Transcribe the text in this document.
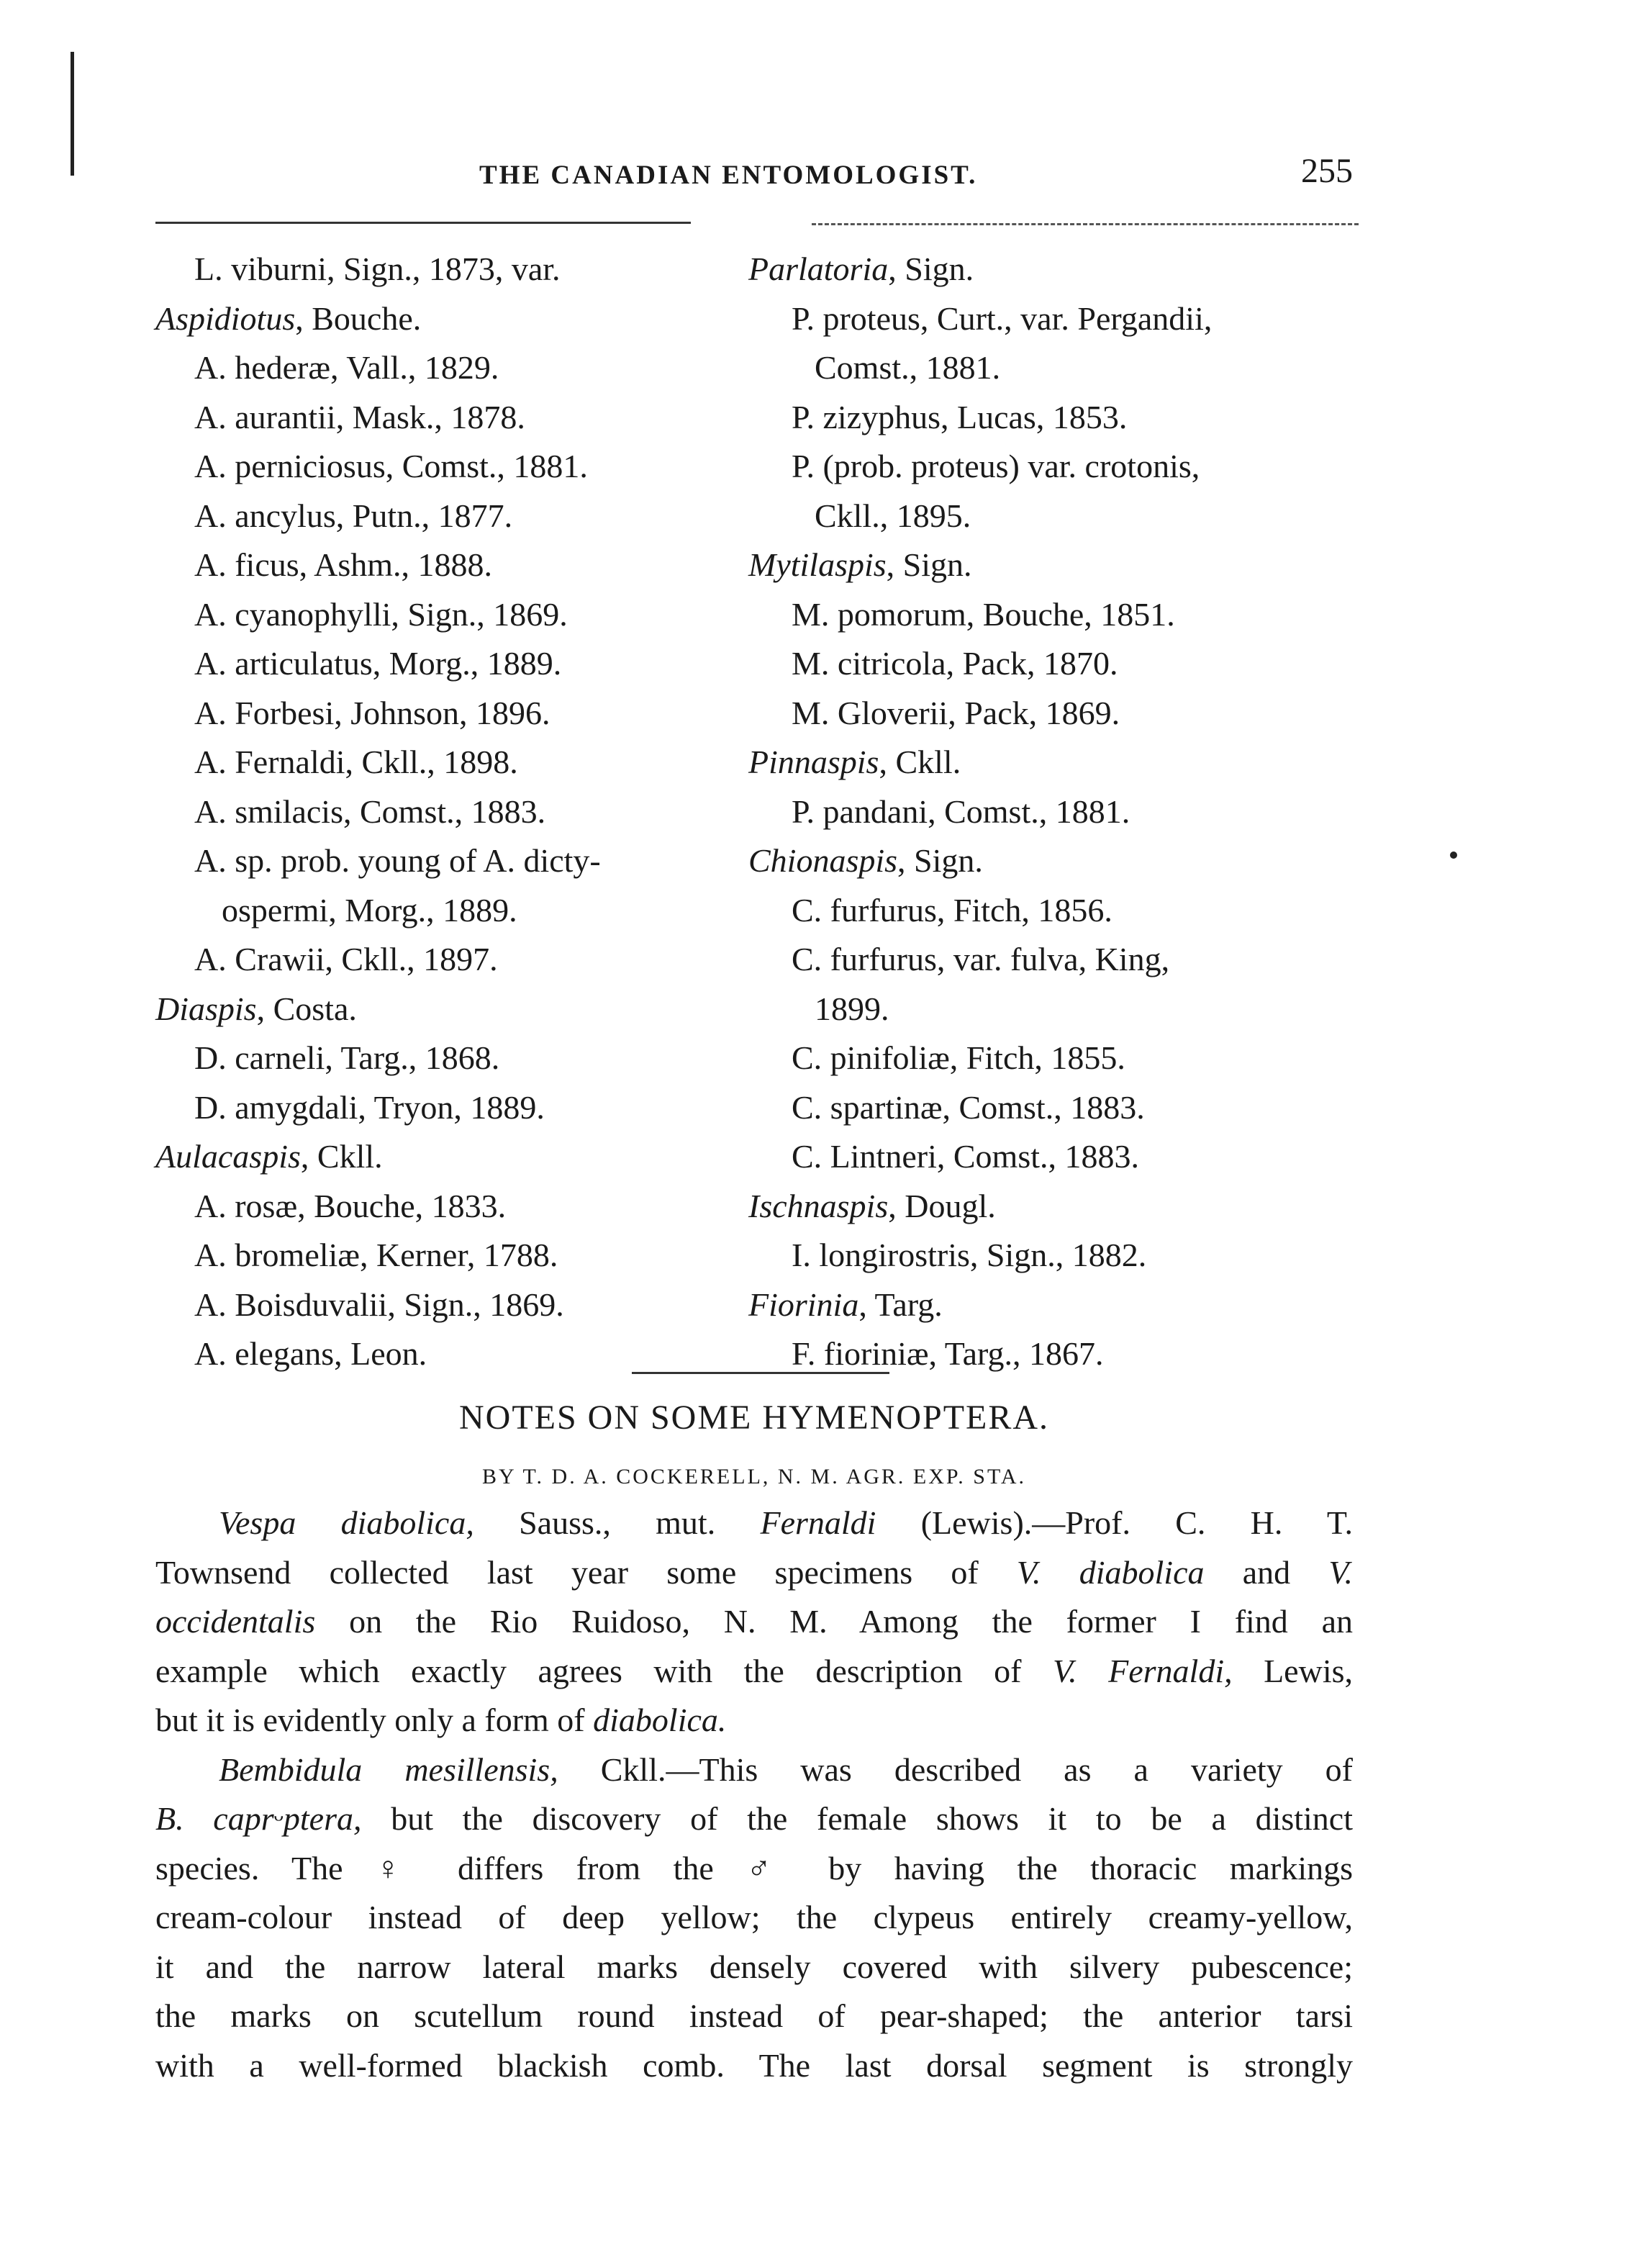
THE CANADIAN ENTOMOLOGIST.	255
L. viburni, Sign., 1873, var.
Aspidiotus, Bouche.
A. hederæ, Vall., 1829.
A. aurantii, Mask., 1878.
A. perniciosus, Comst., 1881.
A. ancylus, Putn., 1877.
A. ficus, Ashm., 1888.
A. cyanophylli, Sign., 1869.
A. articulatus, Morg., 1889.
A. Forbesi, Johnson, 1896.
A. Fernaldi, Ckll., 1898.
A. smilacis, Comst., 1883.
A. sp. prob. young of A. dicty-
ospermi, Morg., 1889.
A. Crawii, Ckll., 1897.
Diaspis, Costa.
D. carneli, Targ., 1868.
D. amygdali, Tryon, 1889.
Aulacaspis, Ckll.
A. rosæ, Bouche, 1833.
A. bromeliæ, Kerner, 1788.
A. Boisduvalii, Sign., 1869.
A. elegans, Leon.
Parlatoria, Sign.
P. proteus, Curt., var. Pergandii,
Comst., 1881.
P. zizyphus, Lucas, 1853.
P. (prob. proteus) var. crotonis,
Ckll., 1895.
Mytilaspis, Sign.
M. pomorum, Bouche, 1851.
M. citricola, Pack, 1870.
M. Gloverii, Pack, 1869.
Pinnaspis, Ckll.
P. pandani, Comst., 1881.
Chionaspis, Sign.
C. furfurus, Fitch, 1856.
C. furfurus, var. fulva, King,
1899.
C. pinifoliæ, Fitch, 1855.
C. spartinæ, Comst., 1883.
C. Lintneri, Comst., 1883.
Ischnaspis, Dougl.
I. longirostris, Sign., 1882.
Fiorinia, Targ.
F. fioriniæ, Targ., 1867.
NOTES ON SOME HYMENOPTERA.
BY T. D. A. COCKERELL, N. M. AGR. EXP. STA.
Vespa diabolica, Sauss., mut. Fernaldi (Lewis).—Prof. C. H. T.
Townsend collected last year some specimens of V. diabolica and V.
occidentalis on the Rio Ruidoso, N. M. Among the former I find an
example which exactly agrees with the description of V. Fernaldi, Lewis,
but it is evidently only a form of diabolica.
Bembidula mesillensis, Ckll.—This was described as a variety of
B. caprᵕptera, but the discovery of the female shows it to be a distinct
species. The ♀ differs from the ♂ by having the thoracic markings
cream-colour instead of deep yellow; the clypeus entirely creamy-yellow,
it and the narrow lateral marks densely covered with silvery pubescence;
the marks on scutellum round instead of pear-shaped; the anterior tarsi
with a well-formed blackish comb. The last dorsal segment is strongly
